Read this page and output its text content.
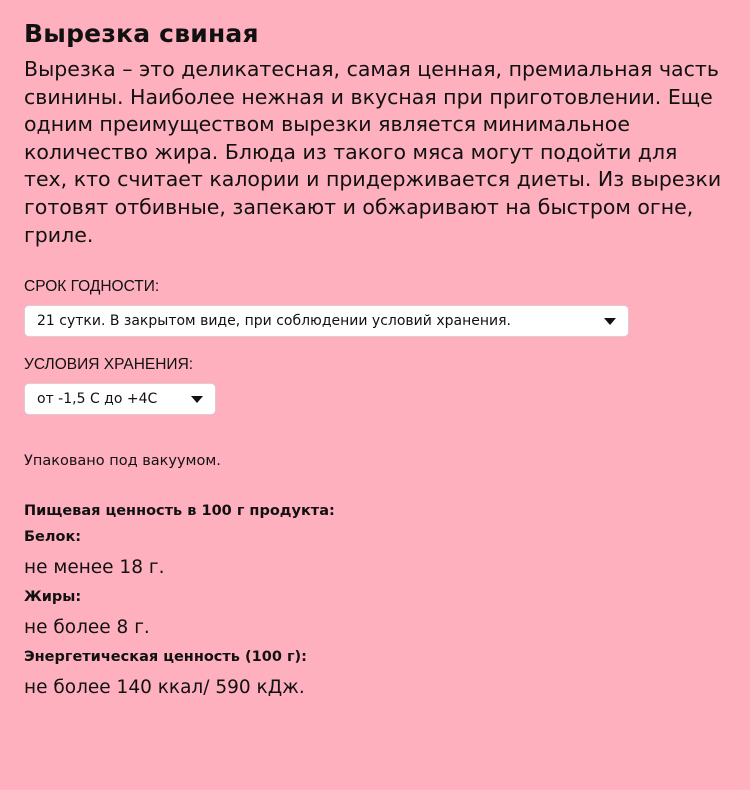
Вырезка свиная

Вырезка – это деликатесная, самая ценная, премиальная часть свинины. Наиболее нежная и вкусная при приготовлении. Еще одним преимуществом вырезки является минимальное количество жира. Блюда из такого мяса могут подойти для тех, кто считает калории и придерживается диеты. Из вырезки готовят отбивные, запекают и обжаривают на быстром огне, гриле.

СРОК ГОДНОСТИ:
21 сутки. В закрытом виде, при соблюдении условий хранения.
УСЛОВИЯ ХРАНЕНИЯ:
от -1,5 С до +4С
Упаковано под вакуумом.
Пищевая ценность в 100 г продукта:
Белок:
не менее 18 г.
Жиры:
не более 8 г.
Энергетическая ценность (100 г):
не более 140 ккал/ 590 кДж.
